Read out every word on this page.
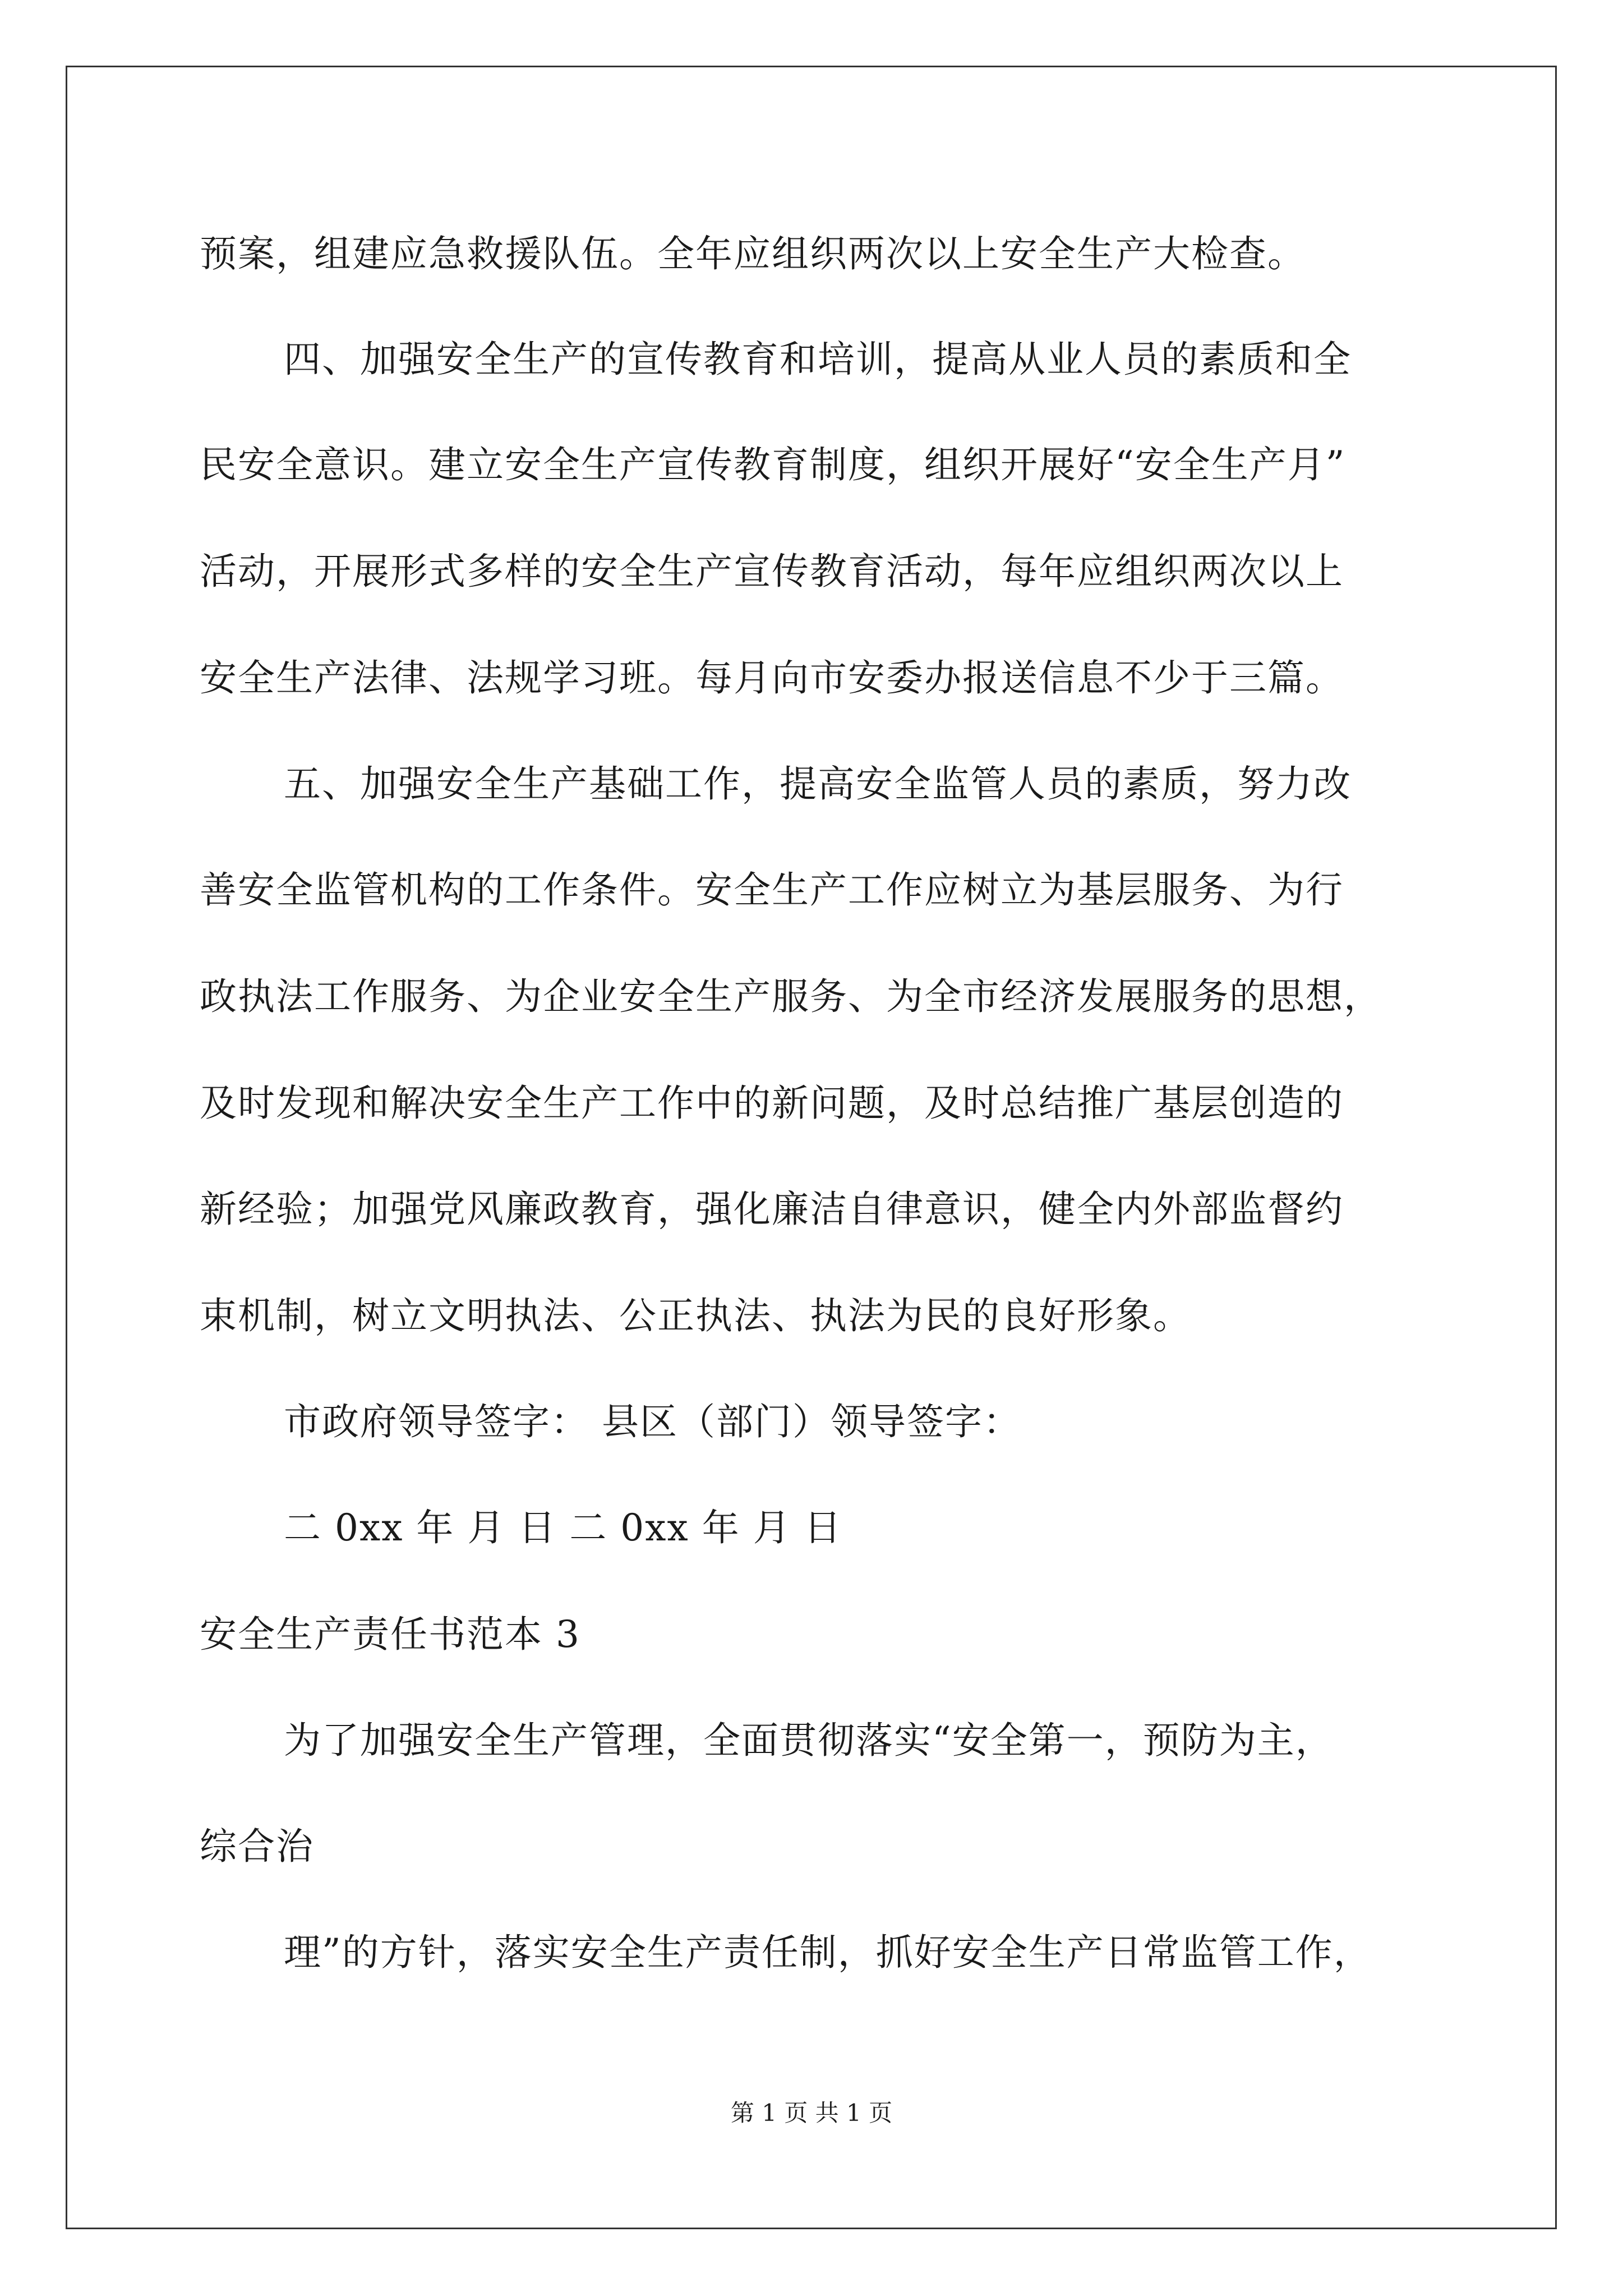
预案，组建应急救援队伍。全年应组织两次以上安全生产大检查。
四、加强安全生产的宣传教育和培训，提高从业人员的素质和全
民安全意识。建立安全生产宣传教育制度，组织开展好“安全生产月”
活动，开展形式多样的安全生产宣传教育活动，每年应组织两次以上
安全生产法律、法规学习班。每月向市安委办报送信息不少于三篇。
五、加强安全生产基础工作，提高安全监管人员的素质，努力改
善安全监管机构的工作条件。安全生产工作应树立为基层服务、为行
政执法工作服务、为企业安全生产服务、为全市经济发展服务的思想，
及时发现和解决安全生产工作中的新问题，及时总结推广基层创造的
新经验；加强党风廉政教育，强化廉洁自律意识，健全内外部监督约
束机制，树立文明执法、公正执法、执法为民的良好形象。
市政府领导签字： 县区（部门）领导签字：
二 0xx 年 月 日 二 0xx 年 月 日
安全生产责任书范本 3
为了加强安全生产管理，全面贯彻落实“安全第一，预防为主，
综合治
理”的方针，落实安全生产责任制，抓好安全生产日常监管工作，
第 1 页 共 1 页
